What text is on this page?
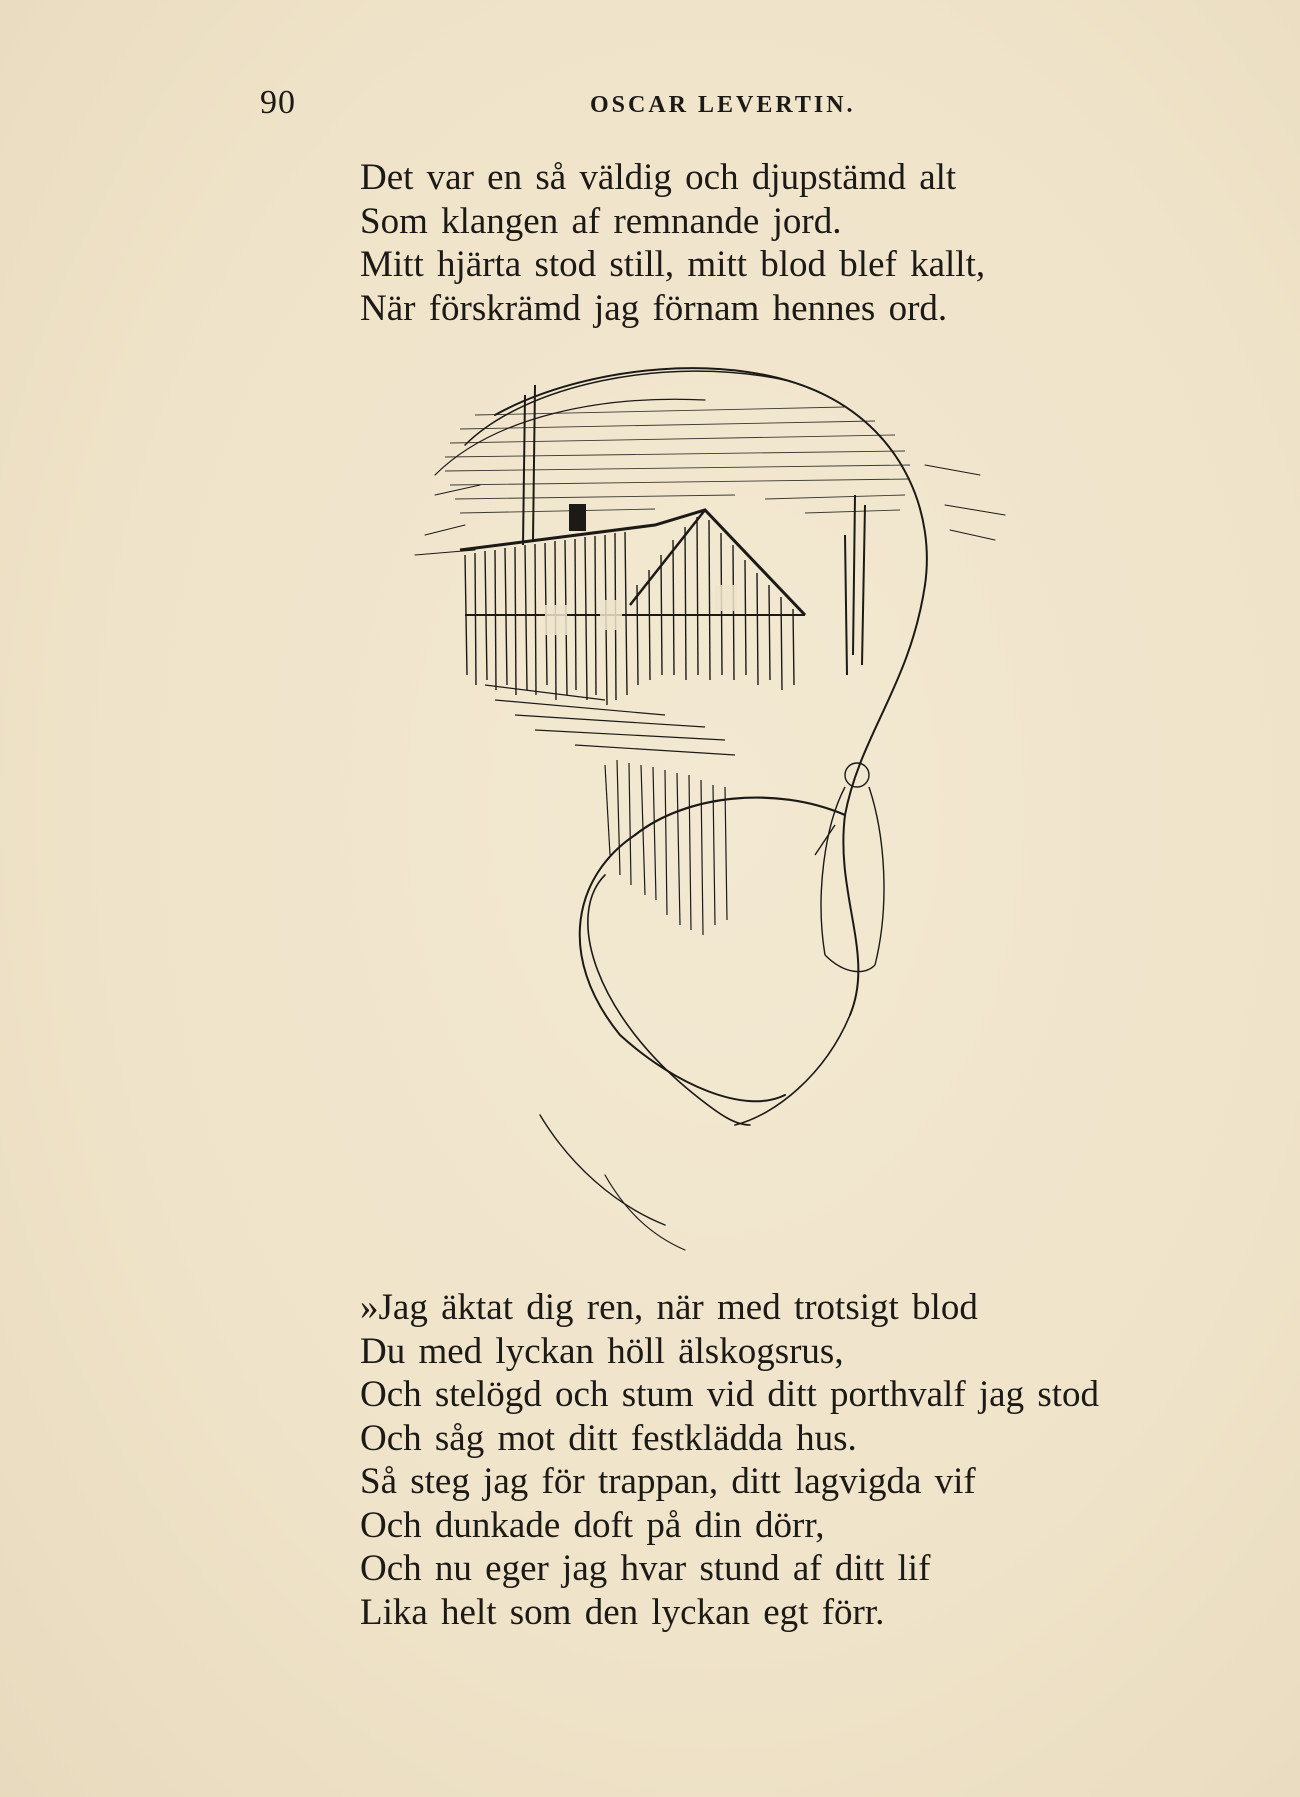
90	OSCAR LEVERTIN.
Det var en så väldig och djupstämd alt
Som klangen af remnande jord.
Mitt hjärta stod still, mitt blod blef kallt,
När förskrämd jag förnam hennes ord.
»Jag äktat dig ren, när med trotsigt blod
Du med lyckan höll älskogsrus,
Och stelögd och stum vid ditt porthvalf jag stod
Och såg mot ditt festklädda hus.
Så steg jag för trappan, ditt lagvigda vif
Och dunkade doft på din dörr,
Och nu eger jag hvar stund af ditt lif
Lika helt som den lyckan egt förr.
